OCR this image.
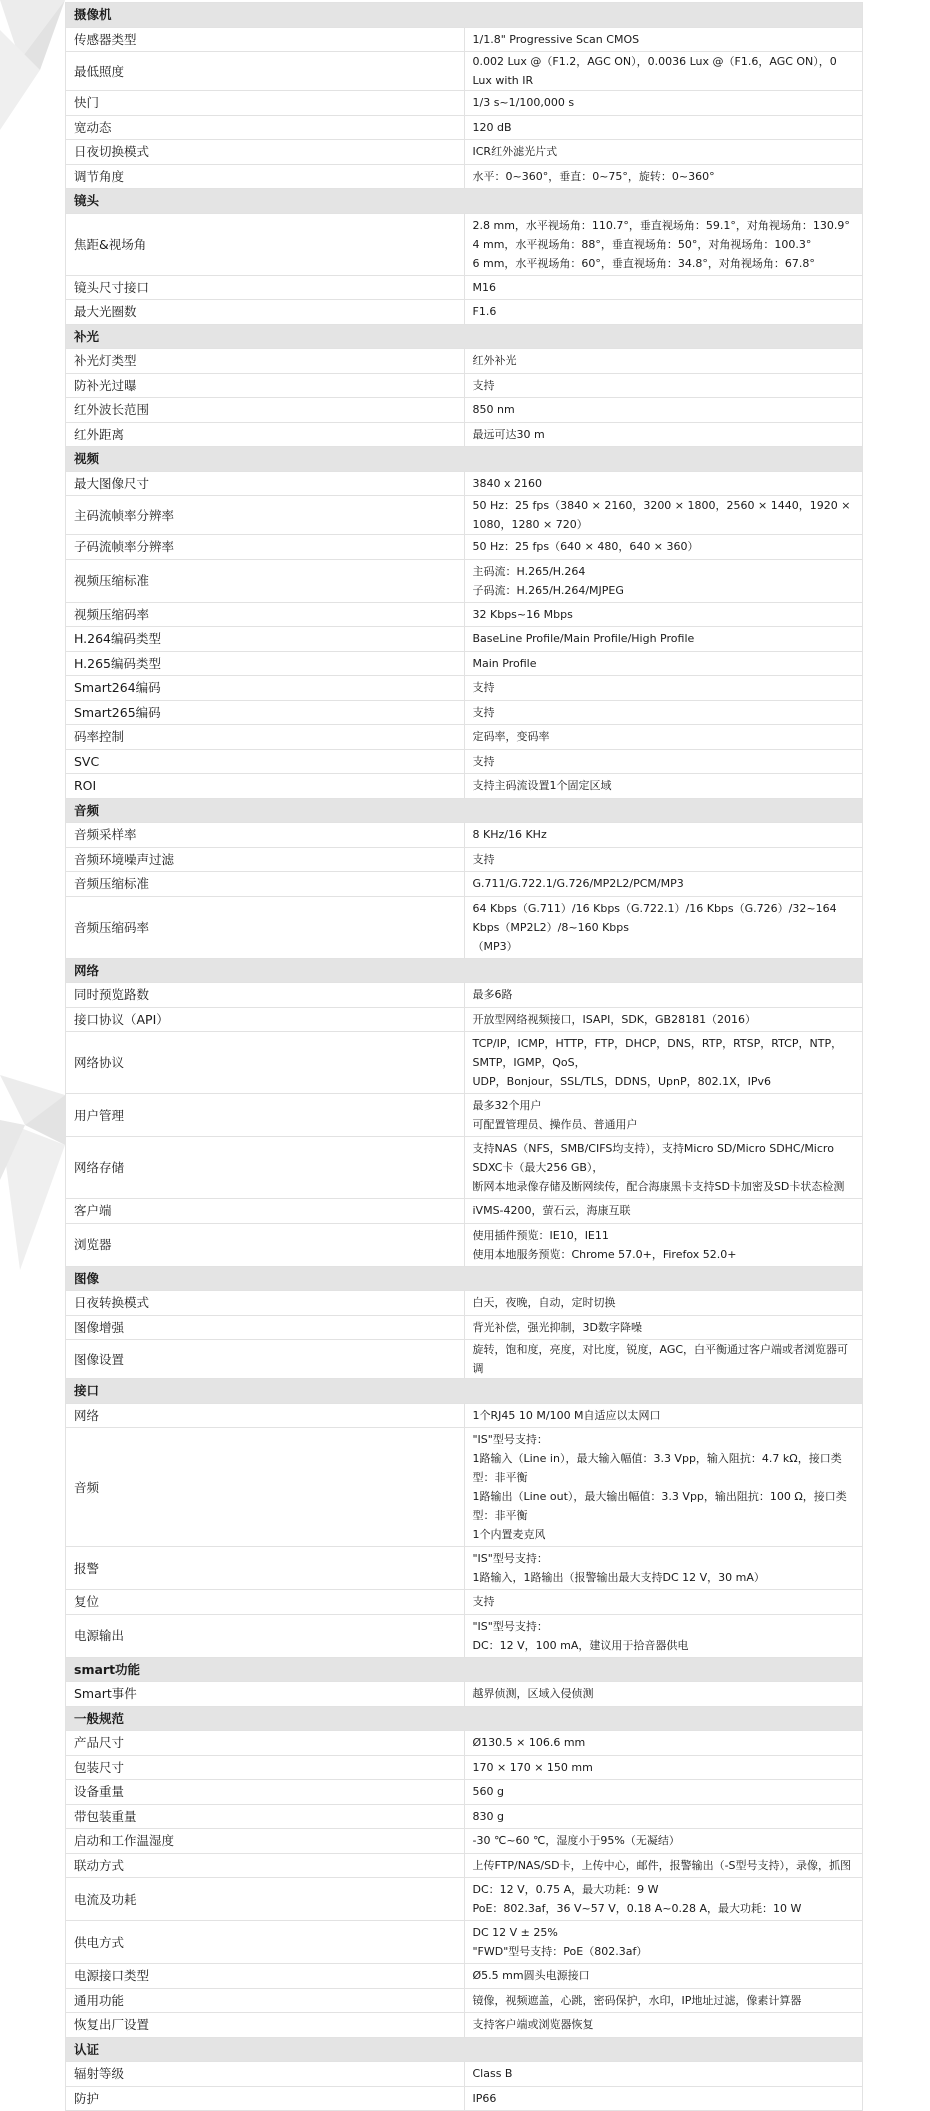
摄像机	
传感器类型	1/1.8" Progressive Scan CMOS

最低照度	0.002 Lux @（F1.2，AGC ON），0.0036 Lux @（F1.6，AGC ON），0 Lux with IR

快门	1/3 s~1/100,000 s

宽动态	120 dB

日夜切换模式	ICR红外滤光片式

调节角度	水平：0~360°，垂直：0~75°，旋转：0~360°

镜头	
焦距&视场角	2.8 mm，水平视场角：110.7°，垂直视场角：59.1°，对角视场角：130.9°
4 mm，水平视场角：88°，垂直视场角：50°，对角视场角：100.3°
6 mm，水平视场角：60°，垂直视场角：34.8°，对角视场角：67.8°

镜头尺寸接口	M16

最大光圈数	F1.6

补光	
补光灯类型	红外补光

防补光过曝	支持

红外波长范围	850 nm

红外距离	最远可达30 m

视频	
最大图像尺寸	3840 x 2160

主码流帧率分辨率	50 Hz：25 fps（3840 × 2160，3200 × 1800，2560 × 1440，1920 × 1080，1280 × 720）

子码流帧率分辨率	50 Hz：25 fps（640 × 480，640 × 360）

视频压缩标准	主码流：H.265/H.264
子码流：H.265/H.264/MJPEG

视频压缩码率	32 Kbps~16 Mbps

H.264编码类型	BaseLine Profile/Main Profile/High Profile

H.265编码类型	Main Profile

Smart264编码	支持

Smart265编码	支持

码率控制	定码率，变码率

SVC	支持

ROI	支持主码流设置1个固定区域

音频	
音频采样率	8 KHz/16 KHz

音频环境噪声过滤	支持

音频压缩标准	G.711/G.722.1/G.726/MP2L2/PCM/MP3

音频压缩码率	64 Kbps（G.711）/16 Kbps（G.722.1）/16 Kbps（G.726）/32~164 Kbps（MP2L2）/8~160 Kbps
（MP3）

网络	
同时预览路数	最多6路

接口协议（API）	开放型网络视频接口，ISAPI，SDK，GB28181（2016）

网络协议	TCP/IP，ICMP，HTTP，FTP，DHCP，DNS，RTP，RTSP，RTCP，NTP，SMTP，IGMP，QoS，
UDP，Bonjour，SSL/TLS，DDNS，UpnP，802.1X，IPv6

用户管理	最多32个用户
可配置管理员、操作员、普通用户

网络存储	支持NAS（NFS，SMB/CIFS均支持），支持Micro SD/Micro SDHC/Micro SDXC卡（最大256 GB），
断网本地录像存储及断网续传，配合海康黑卡支持SD卡加密及SD卡状态检测

客户端	iVMS-4200，萤石云，海康互联

浏览器	使用插件预览：IE10，IE11
使用本地服务预览：Chrome 57.0+，Firefox 52.0+

图像	
日夜转换模式	白天，夜晚，自动，定时切换

图像增强	背光补偿，强光抑制，3D数字降噪

图像设置	旋转，饱和度，亮度，对比度，锐度，AGC，白平衡通过客户端或者浏览器可调

接口	
网络	1个RJ45 10 M/100 M自适应以太网口

音频	"IS"型号支持：
1路输入（Line in），最大输入幅值：3.3 Vpp，输入阻抗：4.7 kΩ，接口类型：非平衡
1路输出（Line out），最大输出幅值：3.3 Vpp，输出阻抗：100 Ω，接口类型：非平衡
1个内置麦克风

报警	"IS"型号支持：
1路输入，1路输出（报警输出最大支持DC 12 V，30 mA）

复位	支持

电源输出	"IS"型号支持：
DC：12 V，100 mA，建议用于拾音器供电

smart功能	
Smart事件	越界侦测，区域入侵侦测

一般规范	
产品尺寸	Ø130.5 × 106.6 mm

包装尺寸	170 × 170 × 150 mm

设备重量	560 g

带包装重量	830 g

启动和工作温湿度	-30 ℃~60 ℃，湿度小于95%（无凝结）

联动方式	上传FTP/NAS/SD卡，上传中心，邮件，报警输出（-S型号支持），录像，抓图

电流及功耗	DC：12 V，0.75 A，最大功耗：9 W
PoE：802.3af，36 V~57 V，0.18 A~0.28 A，最大功耗：10 W

供电方式	DC 12 V ± 25%
"FWD"型号支持：PoE（802.3af）

电源接口类型	Ø5.5 mm圆头电源接口

通用功能	镜像，视频遮盖，心跳，密码保护，水印，IP地址过滤，像素计算器

恢复出厂设置	支持客户端或浏览器恢复

认证	
辐射等级	Class B

防护	IP66
